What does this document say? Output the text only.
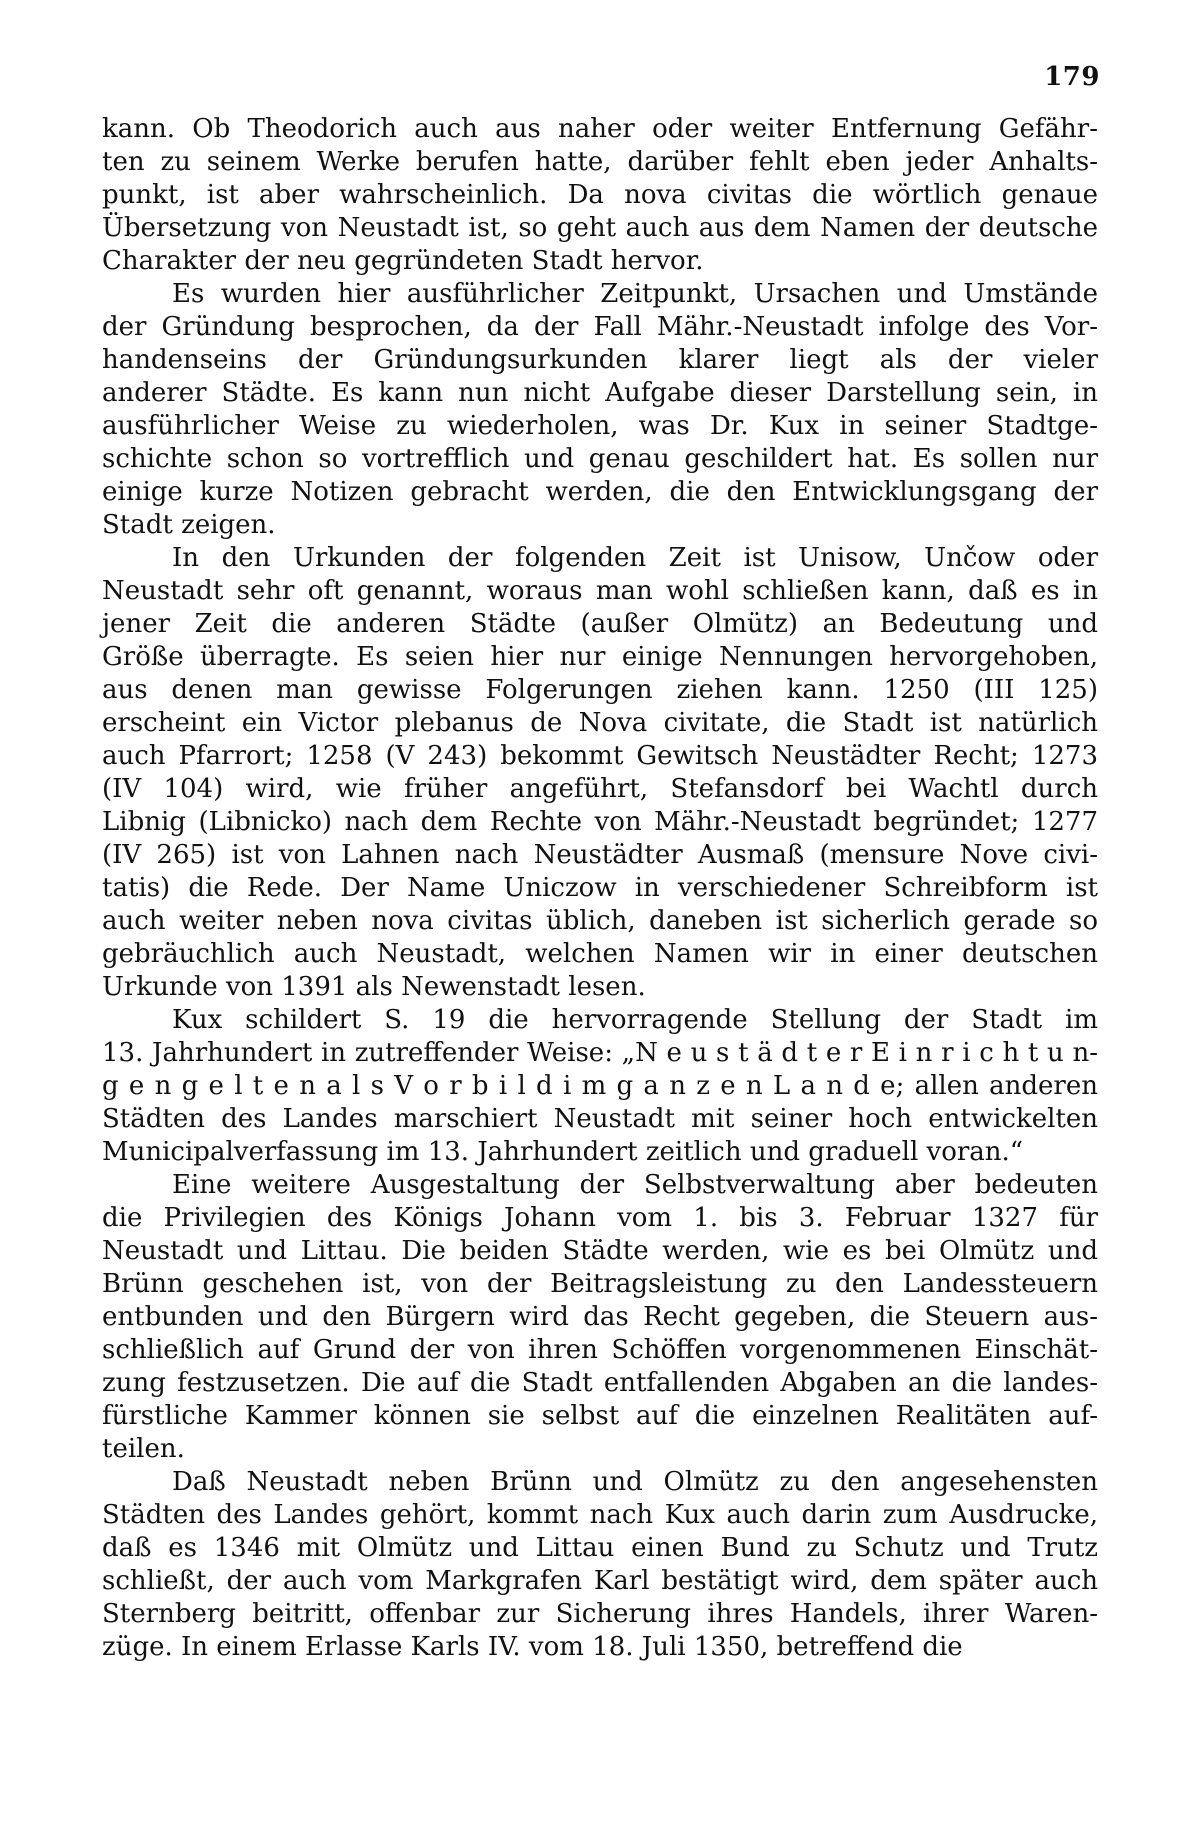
179
kann. Ob Theodorich auch aus naher oder weiter Entfernung Gefähr-
ten zu seinem Werke berufen hatte, darüber fehlt eben jeder Anhalts-
punkt, ist aber wahrscheinlich. Da nova civitas die wörtlich genaue
Übersetzung von Neustadt ist, so geht auch aus dem Namen der deutsche
Charakter der neu gegründeten Stadt hervor.
Es wurden hier ausführlicher Zeitpunkt, Ursachen und Umstände
der Gründung besprochen, da der Fall Mähr.-Neustadt infolge des Vor-
handenseins der Gründungsurkunden klarer liegt als der vieler
anderer Städte. Es kann nun nicht Aufgabe dieser Darstellung sein, in
ausführlicher Weise zu wiederholen, was Dr. Kux in seiner Stadtge-
schichte schon so vortrefflich und genau geschildert hat. Es sollen nur
einige kurze Notizen gebracht werden, die den Entwicklungsgang der
Stadt zeigen.
In den Urkunden der folgenden Zeit ist Unisow, Unčow oder
Neustadt sehr oft genannt, woraus man wohl schließen kann, daß es in
jener Zeit die anderen Städte (außer Olmütz) an Bedeutung und
Größe überragte. Es seien hier nur einige Nennungen hervorgehoben,
aus denen man gewisse Folgerungen ziehen kann. 1250 (III 125)
erscheint ein Victor plebanus de Nova civitate, die Stadt ist natürlich
auch Pfarrort; 1258 (V 243) bekommt Gewitsch Neustädter Recht; 1273
(IV 104) wird, wie früher angeführt, Stefansdorf bei Wachtl durch
Libnig (Libnicko) nach dem Rechte von Mähr.-Neustadt begründet; 1277
(IV 265) ist von Lahnen nach Neustädter Ausmaß (mensure Nove civi-
tatis) die Rede. Der Name Uniczow in verschiedener Schreibform ist
auch weiter neben nova civitas üblich, daneben ist sicherlich gerade so
gebräuchlich auch Neustadt, welchen Namen wir in einer deutschen
Urkunde von 1391 als Newenstadt lesen.
Kux schildert S. 19 die hervorragende Stellung der Stadt im
13. Jahrhundert in zutreffender Weise: „N e u s t ä d t e r E i n r i c h t u n-
g e n g e l t e n a l s V o r b i l d i m g a n z e n L a n d e; allen anderen
Städten des Landes marschiert Neustadt mit seiner hoch entwickelten
Municipalverfassung im 13. Jahrhundert zeitlich und graduell voran.“
Eine weitere Ausgestaltung der Selbstverwaltung aber bedeuten
die Privilegien des Königs Johann vom 1. bis 3. Februar 1327 für
Neustadt und Littau. Die beiden Städte werden, wie es bei Olmütz und
Brünn geschehen ist, von der Beitragsleistung zu den Landessteuern
entbunden und den Bürgern wird das Recht gegeben, die Steuern aus-
schließlich auf Grund der von ihren Schöffen vorgenommenen Einschät-
zung festzusetzen. Die auf die Stadt entfallenden Abgaben an die landes-
fürstliche Kammer können sie selbst auf die einzelnen Realitäten auf-
teilen.
Daß Neustadt neben Brünn und Olmütz zu den angesehensten
Städten des Landes gehört, kommt nach Kux auch darin zum Ausdrucke,
daß es 1346 mit Olmütz und Littau einen Bund zu Schutz und Trutz
schließt, der auch vom Markgrafen Karl bestätigt wird, dem später auch
Sternberg beitritt, offenbar zur Sicherung ihres Handels, ihrer Waren-
züge. In einem Erlasse Karls IV. vom 18. Juli 1350, betreffend die
